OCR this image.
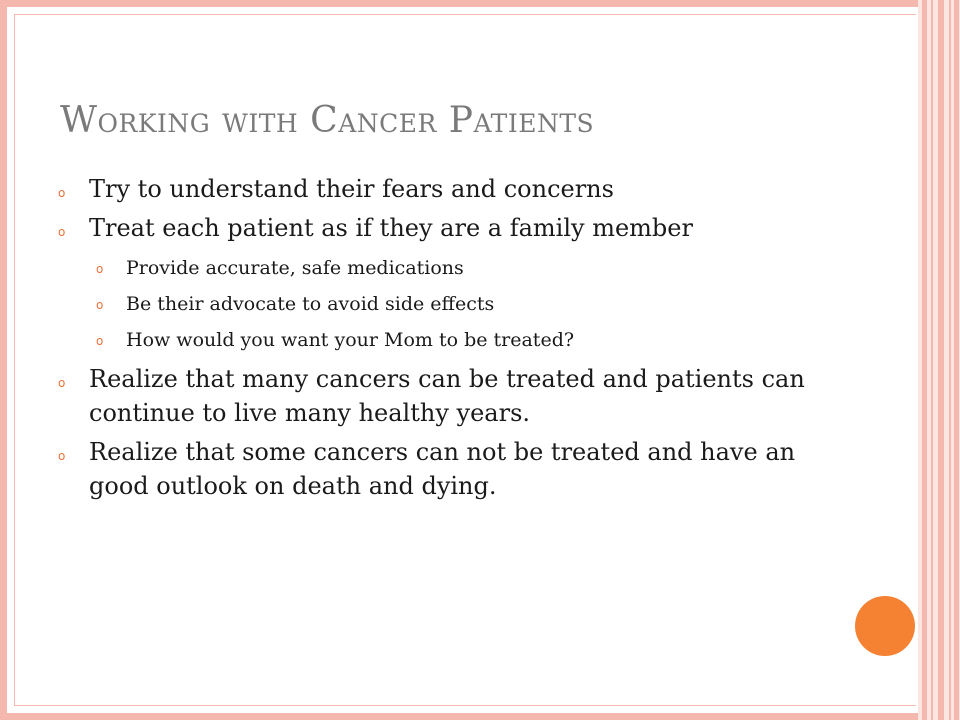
Working with Cancer Patients
o Try to understand their fears and concerns
o Treat each patient as if they are a family member
o Provide accurate, safe medications
o Be their advocate to avoid side effects
o How would you want your Mom to be treated?
o Realize that many cancers can be treated and patients can continue to live many healthy years.
o Realize that some cancers can not be treated and have an good outlook on death and dying.
